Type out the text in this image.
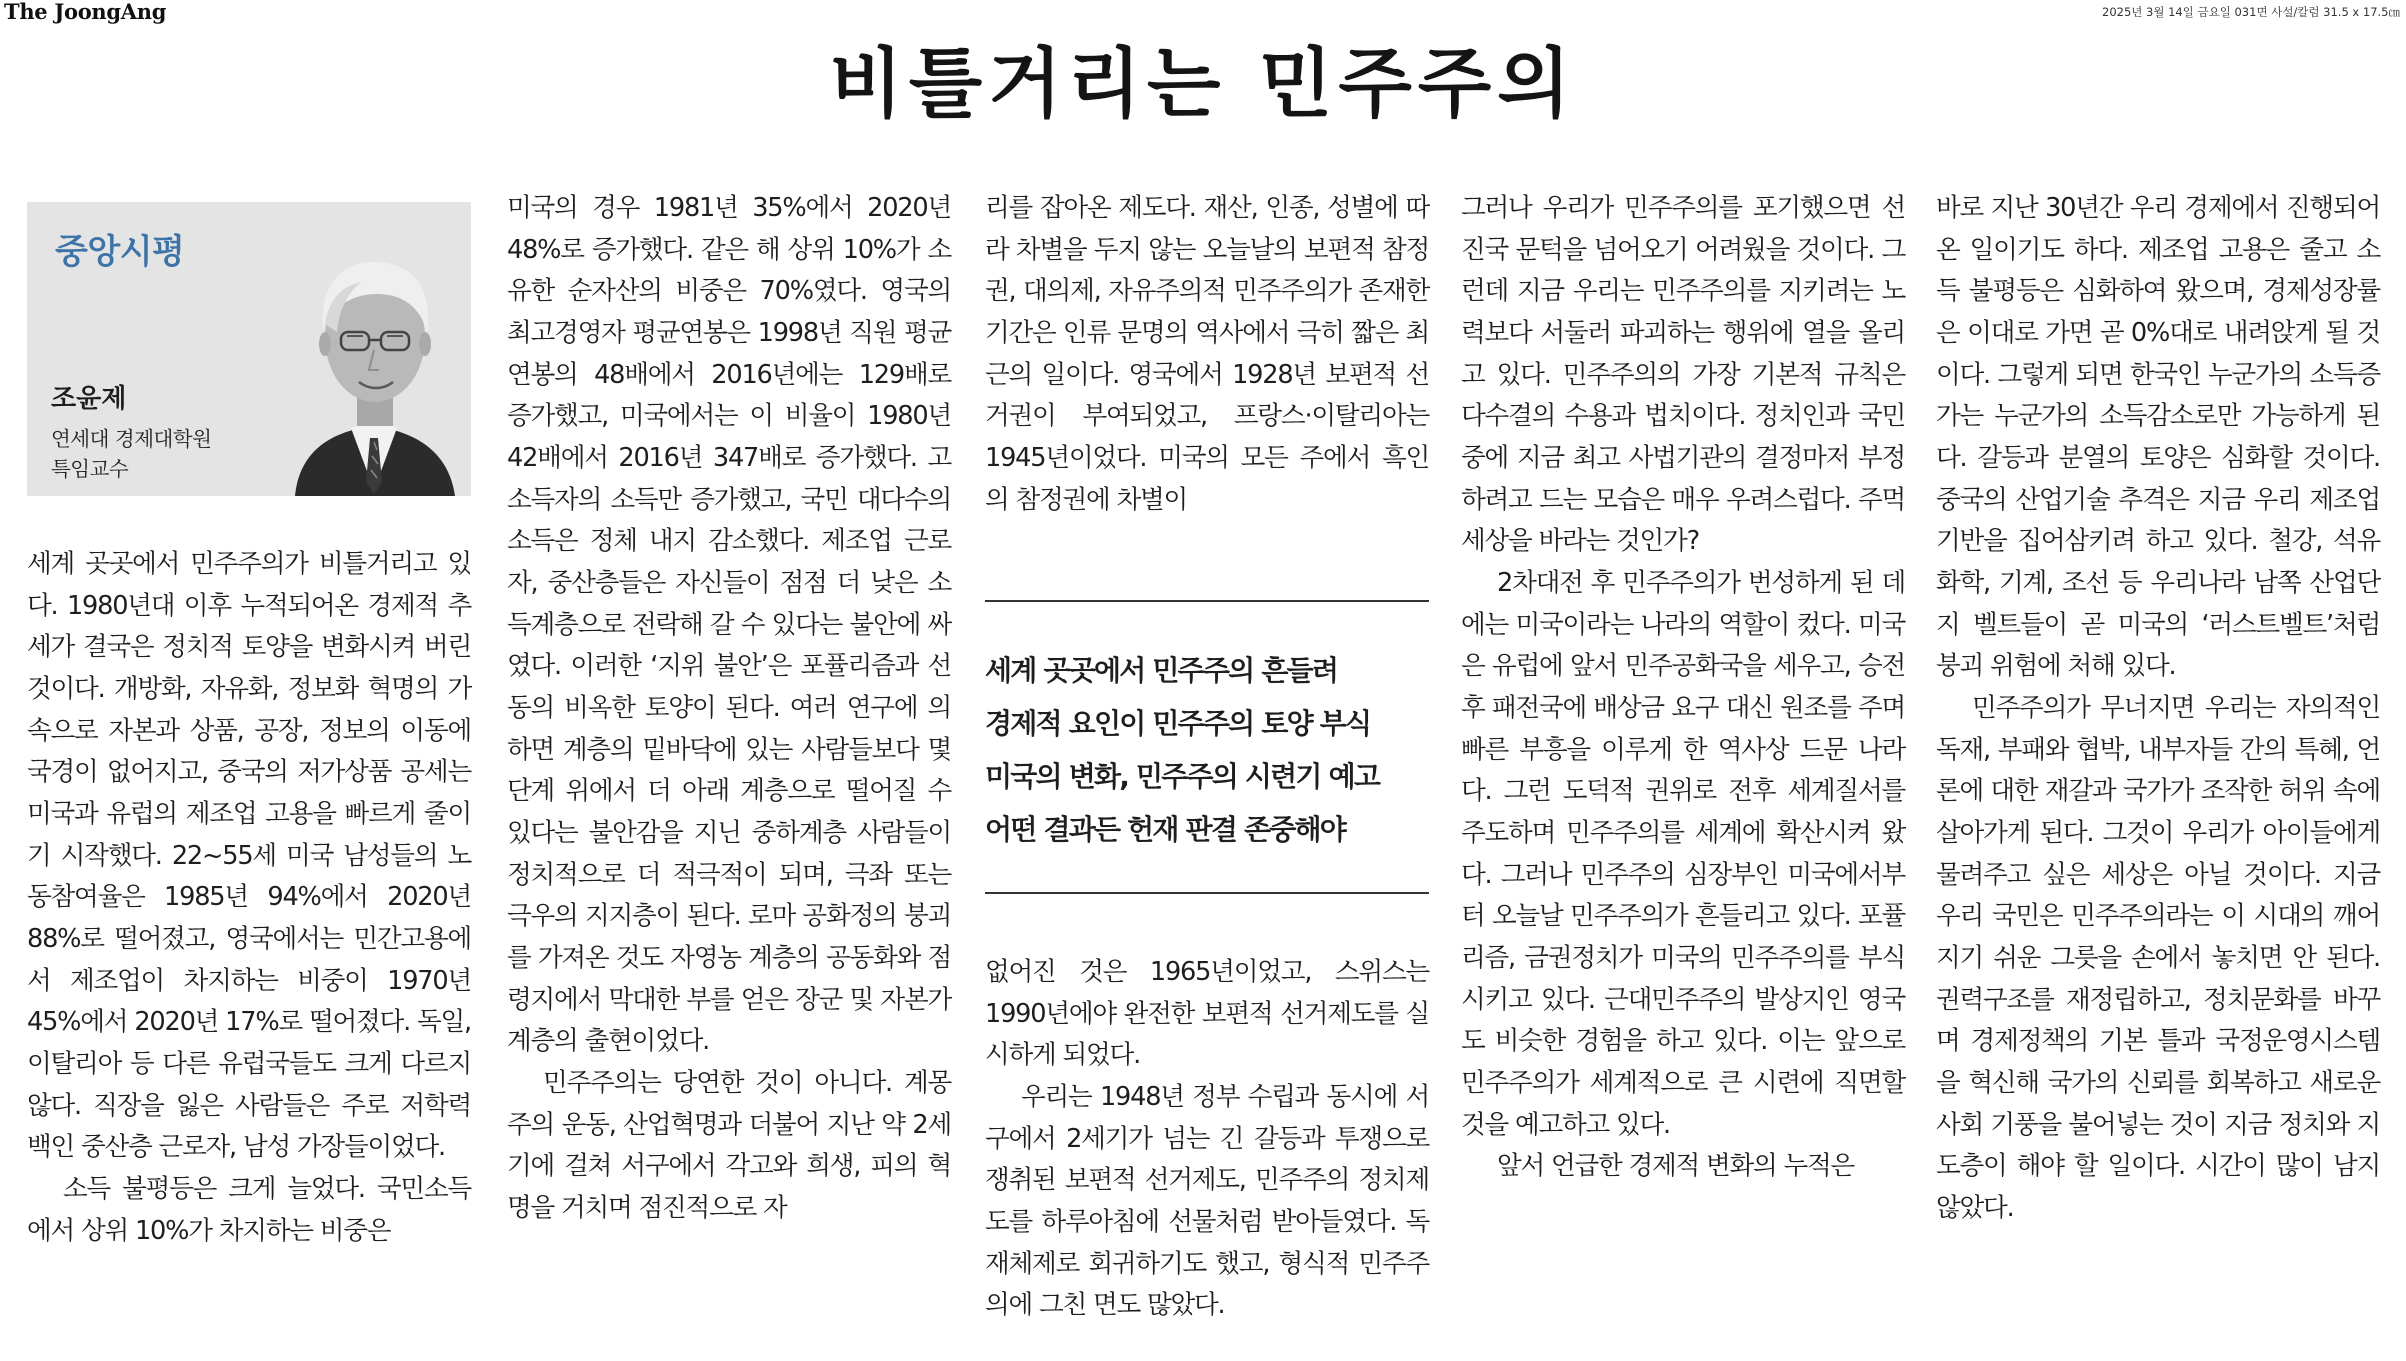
The JoongAng	2025년 3월 14일 금요일 031면 사설/칼럼 31.5 x 17.5㎝
비틀거리는 민주주의
중앙시평
조윤제
연세대 경제대학원
특임교수

세계 곳곳에서 민주주의가 비틀거리고 있다. 1980년대 이후 누적되어온 경제적 추세가 결국은 정치적 토양을 변화시켜 버린 것이다. 개방화, 자유화, 정보화 혁명의 가속으로 자본과 상품, 공장, 정보의 이동에 국경이 없어지고, 중국의 저가상품 공세는 미국과 유럽의 제조업 고용을 빠르게 줄이기 시작했다. 22~55세 미국 남성들의 노동참여율은 1985년 94%에서 2020년 88%로 떨어졌고, 영국에서는 민간고용에서 제조업이 차지하는 비중이 1970년 45%에서 2020년 17%로 떨어졌다. 독일, 이탈리아 등 다른 유럽국들도 크게 다르지 않다. 직장을 잃은 사람들은 주로 저학력 백인 중산층 근로자, 남성 가장들이었다.

소득 불평등은 크게 늘었다. 국민소득에서 상위 10%가 차지하는 비중은

미국의 경우 1981년 35%에서 2020년 48%로 증가했다. 같은 해 상위 10%가 소유한 순자산의 비중은 70%였다. 영국의 최고경영자 평균연봉은 1998년 직원 평균연봉의 48배에서 2016년에는 129배로 증가했고, 미국에서는 이 비율이 1980년 42배에서 2016년 347배로 증가했다. 고소득자의 소득만 증가했고, 국민 대다수의 소득은 정체 내지 감소했다. 제조업 근로자, 중산층들은 자신들이 점점 더 낮은 소득계층으로 전락해 갈 수 있다는 불안에 싸였다. 이러한 ‘지위 불안’은 포퓰리즘과 선동의 비옥한 토양이 된다. 여러 연구에 의하면 계층의 밑바닥에 있는 사람들보다 몇 단계 위에서 더 아래 계층으로 떨어질 수 있다는 불안감을 지닌 중하계층 사람들이 정치적으로 더 적극적이 되며, 극좌 또는 극우의 지지층이 된다. 로마 공화정의 붕괴를 가져온 것도 자영농 계층의 공동화와 점령지에서 막대한 부를 얻은 장군 및 자본가 계층의 출현이었다.

민주주의는 당연한 것이 아니다. 계몽주의 운동, 산업혁명과 더불어 지난 약 2세기에 걸쳐 서구에서 각고와 희생, 피의 혁명을 거치며 점진적으로 자

리를 잡아온 제도다. 재산, 인종, 성별에 따라 차별을 두지 않는 오늘날의 보편적 참정권, 대의제, 자유주의적 민주주의가 존재한 기간은 인류 문명의 역사에서 극히 짧은 최근의 일이다. 영국에서 1928년 보편적 선거권이 부여되었고, 프랑스·이탈리아는 1945년이었다. 미국의 모든 주에서 흑인의 참정권에 차별이

세계 곳곳에서 민주주의 흔들려
경제적 요인이 민주주의 토양 부식
미국의 변화, 민주주의 시련기 예고
어떤 결과든 헌재 판결 존중해야

없어진 것은 1965년이었고, 스위스는 1990년에야 완전한 보편적 선거제도를 실시하게 되었다.

우리는 1948년 정부 수립과 동시에 서구에서 2세기가 넘는 긴 갈등과 투쟁으로 쟁취된 보편적 선거제도, 민주주의 정치제도를 하루아침에 선물처럼 받아들였다. 독재체제로 회귀하기도 했고, 형식적 민주주의에 그친 면도 많았다.

그러나 우리가 민주주의를 포기했으면 선진국 문턱을 넘어오기 어려웠을 것이다. 그런데 지금 우리는 민주주의를 지키려는 노력보다 서둘러 파괴하는 행위에 열을 올리고 있다. 민주주의의 가장 기본적 규칙은 다수결의 수용과 법치이다. 정치인과 국민 중에 지금 최고 사법기관의 결정마저 부정하려고 드는 모습은 매우 우려스럽다. 주먹세상을 바라는 것인가?

2차대전 후 민주주의가 번성하게 된 데에는 미국이라는 나라의 역할이 컸다. 미국은 유럽에 앞서 민주공화국을 세우고, 승전 후 패전국에 배상금 요구 대신 원조를 주며 빠른 부흥을 이루게 한 역사상 드문 나라다. 그런 도덕적 권위로 전후 세계질서를 주도하며 민주주의를 세계에 확산시켜 왔다. 그러나 민주주의 심장부인 미국에서부터 오늘날 민주주의가 흔들리고 있다. 포퓰리즘, 금권정치가 미국의 민주주의를 부식시키고 있다. 근대민주주의 발상지인 영국도 비슷한 경험을 하고 있다. 이는 앞으로 민주주의가 세계적으로 큰 시련에 직면할 것을 예고하고 있다.

앞서 언급한 경제적 변화의 누적은

바로 지난 30년간 우리 경제에서 진행되어 온 일이기도 하다. 제조업 고용은 줄고 소득 불평등은 심화하여 왔으며, 경제성장률은 이대로 가면 곧 0%대로 내려앉게 될 것이다. 그렇게 되면 한국인 누군가의 소득증가는 누군가의 소득감소로만 가능하게 된다. 갈등과 분열의 토양은 심화할 것이다. 중국의 산업기술 추격은 지금 우리 제조업 기반을 집어삼키려 하고 있다. 철강, 석유화학, 기계, 조선 등 우리나라 남쪽 산업단지 벨트들이 곧 미국의 ‘러스트벨트’처럼 붕괴 위험에 처해 있다.

민주주의가 무너지면 우리는 자의적인 독재, 부패와 협박, 내부자들 간의 특혜, 언론에 대한 재갈과 국가가 조작한 허위 속에 살아가게 된다. 그것이 우리가 아이들에게 물려주고 싶은 세상은 아닐 것이다. 지금 우리 국민은 민주주의라는 이 시대의 깨어지기 쉬운 그릇을 손에서 놓치면 안 된다. 권력구조를 재정립하고, 정치문화를 바꾸며 경제정책의 기본 틀과 국정운영시스템을 혁신해 국가의 신뢰를 회복하고 새로운 사회 기풍을 불어넣는 것이 지금 정치와 지도층이 해야 할 일이다. 시간이 많이 남지 않았다.
